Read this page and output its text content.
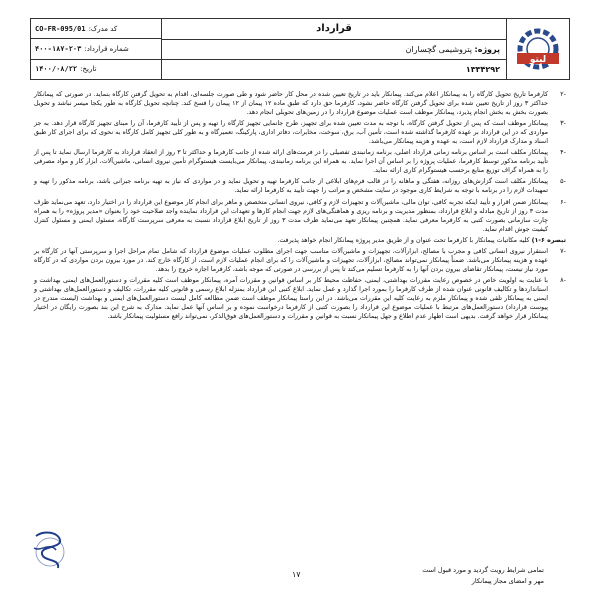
کد مدرک:
CO-FR-095/01
شماره قرارداد:
۴۰۰-۱۸۷-۲۰۳
تاریخ:
۱۴۰۰/۰۸/۲۲
قرارداد
پروژه:

پتروشیمی گچساران
۱۳۳۴۲۹۲
لیتو
-۲
کارفرما تاریخ تحویل کارگاه را به پیمانکار اعلام می‌کند. پیمانکار باید در تاریخ تعیین شده در محل کار حاضر شود و طی صورت جلسه‌ای، اقدام به تحویل گرفتن کارگاه بنماید. در صورتی که پیمانکار حداکثر ۳ روز از تاریخ تعیین شده برای تحویل گرفتن کارگاه حاضر نشود، کارفرما حق دارد که طبق ماده ۱۲ پیمان از ۱۲ پیمان را فسخ کند. چنانچه تحویل کارگاه به طور یکجا میسر نباشد و تحویل بصورت بخش به بخش انجام پذیرد، پیمانکار موظف است عملیات موضوع قرارداد را در زمین‌های تحویلی انجام دهد.
-۳
پیمانکار موظف است که پس از تحویل گرفتن کارگاه، با توجه به مدت تعیین شده برای تجهیز، طرح جانمایی تجهیز کارگاه را تهیه و پس از تأیید کارفرما، آن را مبنای تجهیز کارگاه قرار دهد. به جز مواردی که در این قرارداد بر عهده کارفرما گذاشته شده است، تأمین آب، برق، سوخت، مخابرات، دفاتر اداری، پارکینگ، تعمیرگاه و به طور کلی تجهیز کامل کارگاه به نحوی که برای اجرای کار طبق اسناد و مدارک قرارداد لازم است، به عهده و هزینه پیمانکار می‌باشد.
-۴
پیمانکار مکلف است بر اساس برنامه زمانی قرارداد اصلی، برنامه زمانبندی تفصیلی را در فرمت‌های ارائه شده از جانب کارفرما و حداکثر تا ۳ روز از انعقاد قرارداد به کارفرما ارسال نماید تا پس از تأیید برنامه مذکور توسط کارفرما، عملیات پروژه را بر اساس آن اجرا نماید. به همراه این برنامه زمانبندی، پیمانکار می‌بایست هیستوگرام تأمین نیروی انسانی، ماشین‌آلات، ابزار کار و مواد مصرفی را به همراه گراف توزیع منابع برحسب هیستوگرام کاری ارائه نماید.
-۵
پیمانکار مکلف است گزارش‌های روزانه، هفتگی و ماهانه را در قالب فرم‌های ابلاغی از جانب کارفرما تهیه و تحویل نماید و در مواردی که نیاز به تهیه برنامه جبرانی باشد، برنامه مذکور را تهیه و تمهیدات لازم را در برنامه با توجه به شرایط کاری موجود در سایت مشخص و مراتب را جهت تأیید به کارفرما ارائه نماید.
-۶
پیمانکار ضمن اقرار و تأیید اینکه تجربه کافی، توان مالی، ماشین‌آلات و تجهیزات لازم و کافی، نیروی انسانی متخصص و ماهر برای انجام کار موضوع این قرارداد را در اختیار دارد، تعهد می‌نماید ظرف مدت ۳ روز از تاریخ مبادله و ابلاغ قرارداد، بمنظور مدیریت و برنامه ریزی و هماهنگی‌های لازم جهت انجام کارها و تعهدات این قرارداد نماینده واجد صلاحیت خود را بعنوان «مدیر پروژه» را به همراه چارت سازمانی بصورت کتبی به کارفرما معرفی نماید. همچنین پیمانکار تعهد می‌نماید ظرف مدت ۳ روز از تاریخ ابلاغ قرارداد نسبت به معرفی سرپرست کارگاه، مسئول ایمنی و مسئول کنترل کیفیت جوش اقدام نماید.
تبصره ۶-۱) کلیه مکاتبات پیمانکار با کارفرما تحت عنوان و از طریق مدیر پروژه پیمانکار انجام خواهد پذیرفت.
-۷
استقرار نیروی انسانی کافی و مجرب با مصالح، ابزارآلات، تجهیزات و ماشین‌آلات مناسب جهت اجرای مطلوب عملیات موضوع قرارداد که شامل تمام مراحل اجرا و سرپرستی آنها در کارگاه بر عهده و هزینه پیمانکار می‌باشد. ضمناً پیمانکار نمی‌تواند مصالح، ابزارآلات، تجهیزات و ماشین‌آلات را که برای انجام عملیات لازم است، از کارگاه خارج کند. در مورد بیرون بردن مواردی که در کارگاه مورد نیاز نیست، پیمانکار تقاضای بیرون بردن آنها را به کارفرما تسلیم می‌کند تا پس از بررسی در صورتی که موجه باشد، کارفرما اجازه خروج را بدهد.
-۸
با عنایت به اولویت خاص در خصوص رعایت مقررات بهداشتی، ایمنی، حفاظت محیط کار بر اساس قوانین و مقررات آمره، پیمانکار موظف است کلیه مقررات و دستورالعمل‌های ایمنی بهداشت و استانداردها و تکالیف قانونی عنوان شده از طرف کارفرما را بمورد اجرا گذارد و عمل نماید. ابلاغ کتبی این قرارداد بمنزله ابلاغ رسمی و قانونی کلیه مقررات، تکالیف و دستورالعمل‌های بهداشتی و ایمنی به پیمانکار تلقی شده و پیمانکار ملزم به رعایت کلیه این مقررات می‌باشد. در این راستا پیمانکار موظف است ضمن مطالعه کامل لیست دستورالعمل‌های ایمنی و بهداشت (لیست مندرج در پیوست قرارداد) دستورالعمل‌های مرتبط با عملیات موضوع این قرارداد را بصورت کتبی از کارفرما درخواست نموده و بر اساس آنها عمل نماید. مدارک به شرح این بند بصورت رایگان در اختیار پیمانکار قرار خواهد گرفت. بدیهی است اظهار عدم اطلاع و جهل پیمانکار نسبت به قوانین و مقررات و دستورالعمل‌های فوق‌الذکر، نمی‌تواند رافع مسئولیت پیمانکار باشد.
تمامی شرایط رویت گردید و مورد قبول است
مهر و امضای مجاز پیمانکار
۱۷
